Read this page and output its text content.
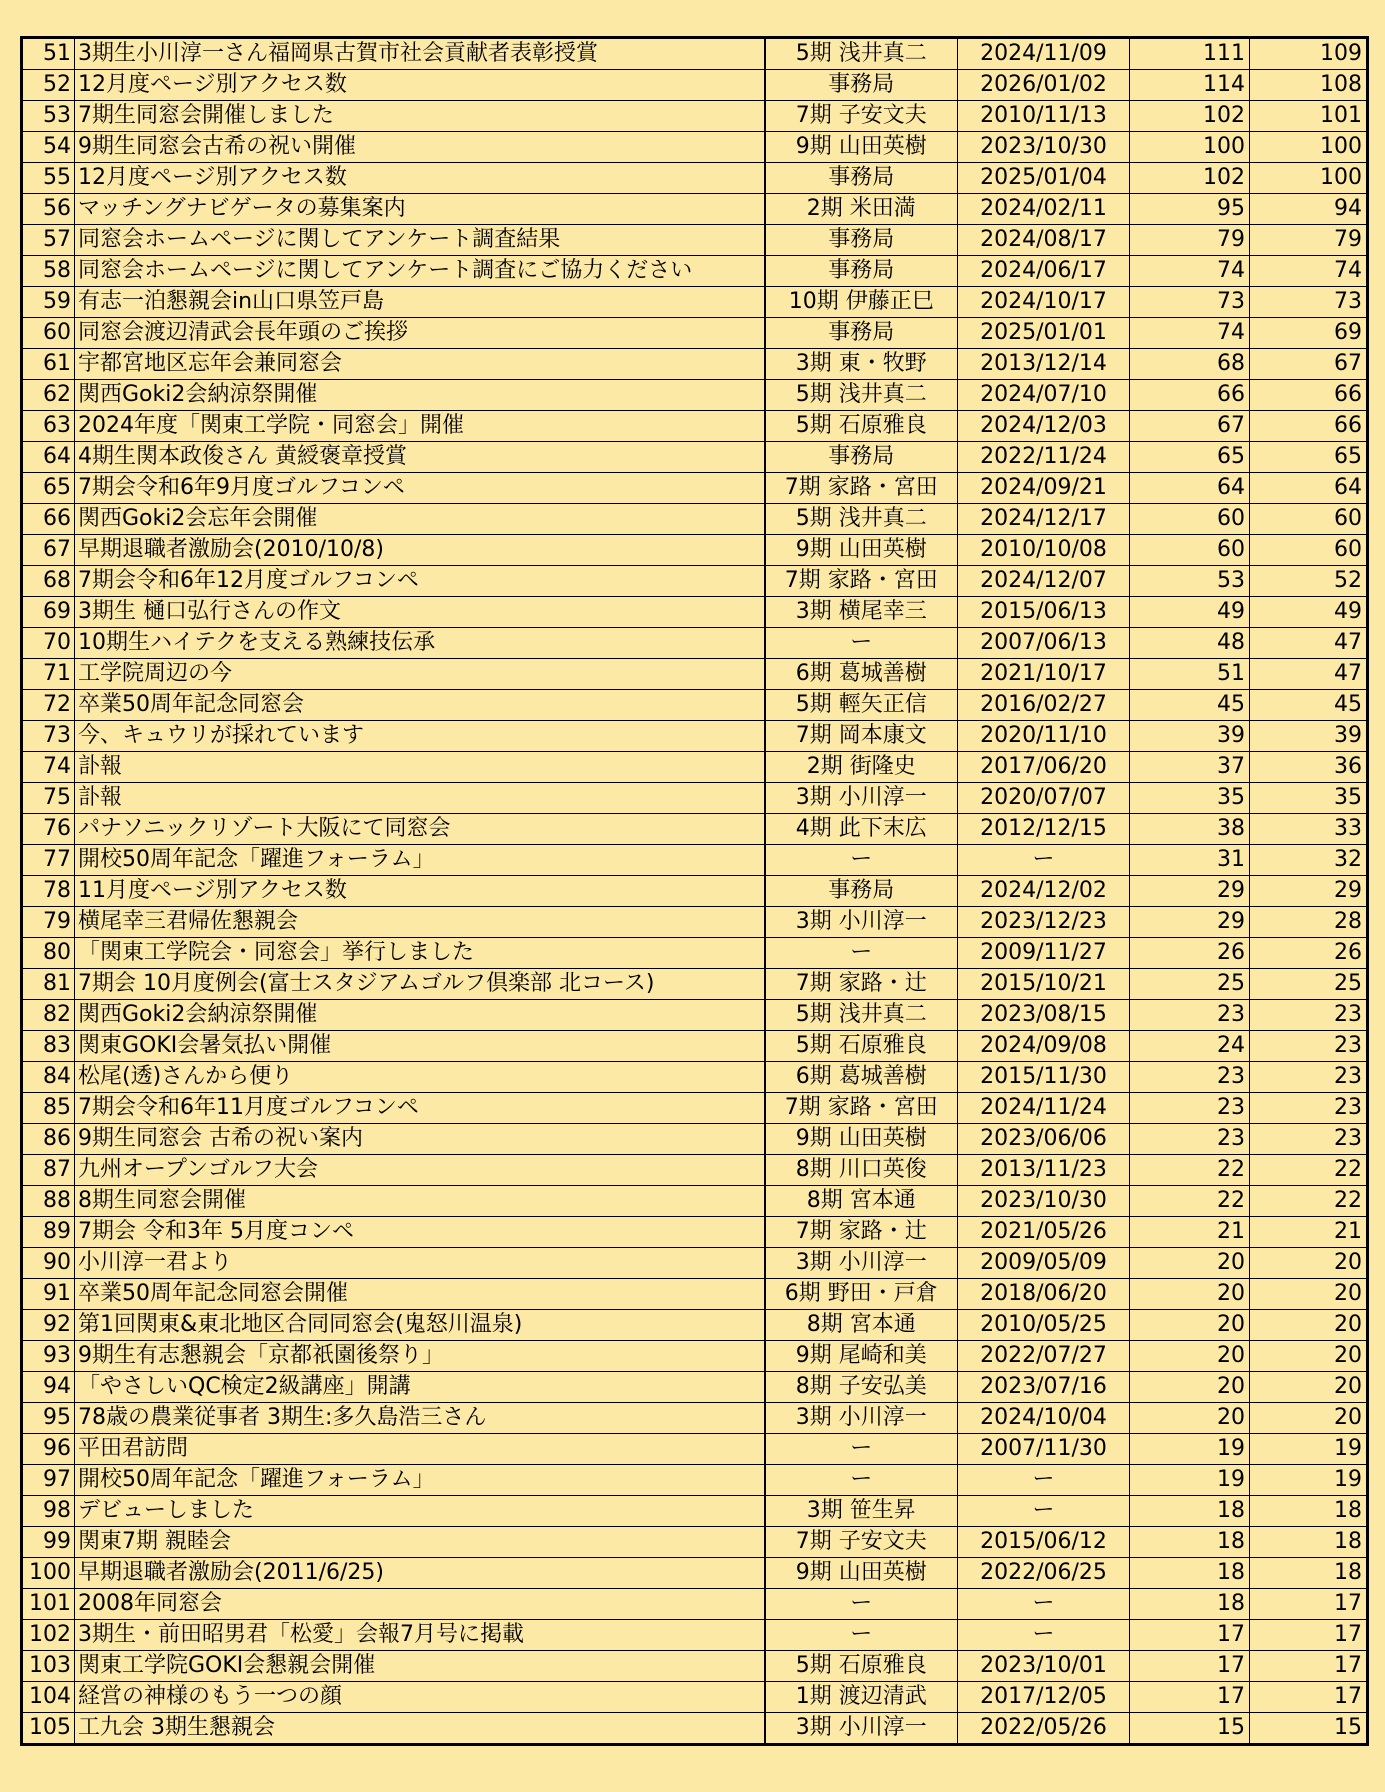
51	3期生小川淳一さん福岡県古賀市社会貢献者表彰授賞	5期 浅井真二	2024/11/09	111	109
52	12月度ページ別アクセス数	事務局	2026/01/02	114	108
53	7期生同窓会開催しました	7期 子安文夫	2010/11/13	102	101
54	9期生同窓会古希の祝い開催	9期 山田英樹	2023/10/30	100	100
55	12月度ページ別アクセス数	事務局	2025/01/04	102	100
56	マッチングナビゲータの募集案内	2期 米田満	2024/02/11	95	94
57	同窓会ホームページに関してアンケート調査結果	事務局	2024/08/17	79	79
58	同窓会ホームページに関してアンケート調査にご協力ください	事務局	2024/06/17	74	74
59	有志一泊懇親会in山口県笠戸島	10期 伊藤正巳	2024/10/17	73	73
60	同窓会渡辺清武会長年頭のご挨拶	事務局	2025/01/01	74	69
61	宇都宮地区忘年会兼同窓会	3期 東・牧野	2013/12/14	68	67
62	関西Goki2会納涼祭開催	5期 浅井真二	2024/07/10	66	66
63	2024年度「関東工学院・同窓会」開催	5期 石原雅良	2024/12/03	67	66
64	4期生関本政俊さん 黄綬褒章授賞	事務局	2022/11/24	65	65
65	7期会令和6年9月度ゴルフコンペ	7期 家路・宮田	2024/09/21	64	64
66	関西Goki2会忘年会開催	5期 浅井真二	2024/12/17	60	60
67	早期退職者激励会(2010/10/8)	9期 山田英樹	2010/10/08	60	60
68	7期会令和6年12月度ゴルフコンペ	7期 家路・宮田	2024/12/07	53	52
69	3期生 樋口弘行さんの作文	3期 横尾幸三	2015/06/13	49	49
70	10期生ハイテクを支える熟練技伝承	ー	2007/06/13	48	47
71	工学院周辺の今	6期 葛城善樹	2021/10/17	51	47
72	卒業50周年記念同窓会	5期 輕矢正信	2016/02/27	45	45
73	今、キュウリが採れています	7期 岡本康文	2020/11/10	39	39
74	訃報	2期 街隆史	2017/06/20	37	36
75	訃報	3期 小川淳一	2020/07/07	35	35
76	パナソニックリゾート大阪にて同窓会	4期 此下末広	2012/12/15	38	33
77	開校50周年記念「躍進フォーラム」	ー	ー	31	32
78	11月度ページ別アクセス数	事務局	2024/12/02	29	29
79	横尾幸三君帰佐懇親会	3期 小川淳一	2023/12/23	29	28
80	「関東工学院会・同窓会」挙行しました	ー	2009/11/27	26	26
81	7期会 10月度例会(富士スタジアムゴルフ倶楽部 北コース)	7期 家路・辻	2015/10/21	25	25
82	関西Goki2会納涼祭開催	5期 浅井真二	2023/08/15	23	23
83	関東GOKI会暑気払い開催	5期 石原雅良	2024/09/08	24	23
84	松尾(透)さんから便り	6期 葛城善樹	2015/11/30	23	23
85	7期会令和6年11月度ゴルフコンペ	7期 家路・宮田	2024/11/24	23	23
86	9期生同窓会 古希の祝い案内	9期 山田英樹	2023/06/06	23	23
87	九州オープンゴルフ大会	8期 川口英俊	2013/11/23	22	22
88	8期生同窓会開催	8期 宮本通	2023/10/30	22	22
89	7期会 令和3年 5月度コンペ	7期 家路・辻	2021/05/26	21	21
90	小川淳一君より	3期 小川淳一	2009/05/09	20	20
91	卒業50周年記念同窓会開催	6期 野田・戸倉	2018/06/20	20	20
92	第1回関東&東北地区合同同窓会(鬼怒川温泉)	8期 宮本通	2010/05/25	20	20
93	9期生有志懇親会「京都祇園後祭り」	9期 尾崎和美	2022/07/27	20	20
94	「やさしいQC検定2級講座」開講	8期 子安弘美	2023/07/16	20	20
95	78歳の農業従事者 3期生:多久島浩三さん	3期 小川淳一	2024/10/04	20	20
96	平田君訪問	ー	2007/11/30	19	19
97	開校50周年記念「躍進フォーラム」	ー	ー	19	19
98	デビューしました	3期 笹生昇	ー	18	18
99	関東7期 親睦会	7期 子安文夫	2015/06/12	18	18
100	早期退職者激励会(2011/6/25)	9期 山田英樹	2022/06/25	18	18
101	2008年同窓会	ー	ー	18	17
102	3期生・前田昭男君「松愛」会報7月号に掲載	ー	ー	17	17
103	関東工学院GOKI会懇親会開催	5期 石原雅良	2023/10/01	17	17
104	経営の神様のもう一つの顔	1期 渡辺清武	2017/12/05	17	17
105	工九会 3期生懇親会	3期 小川淳一	2022/05/26	15	15
